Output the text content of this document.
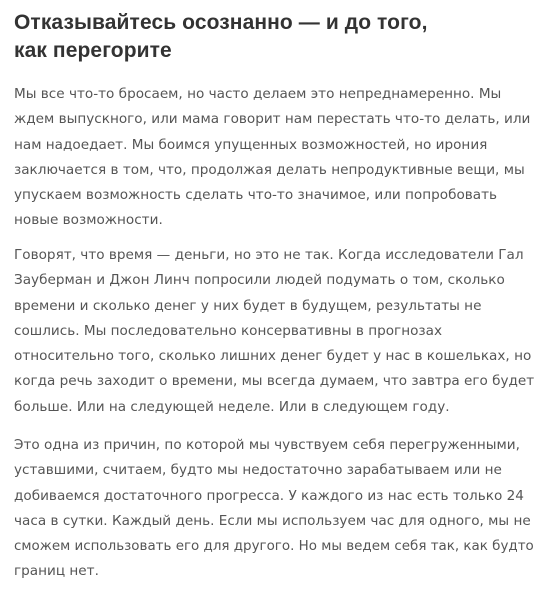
Отказывайтесь осознанно — и до того,
как перегорите

Мы все что-то бросаем, но часто делаем это непреднамеренно. Мы
ждем выпускного, или мама говорит нам перестать что-то делать, или
нам надоедает. Мы боимся упущенных возможностей, но ирония
заключается в том, что, продолжая делать непродуктивные вещи, мы
упускаем возможность сделать что-то значимое, или попробовать
новые возможности.

Говорят, что время — деньги, но это не так. Когда исследователи Гал
Зауберман и Джон Линч попросили людей подумать о том, сколько
времени и сколько денег у них будет в будущем, результаты не
сошлись. Мы последовательно консервативны в прогнозах
относительно того, сколько лишних денег будет у нас в кошельках, но
когда речь заходит о времени, мы всегда думаем, что завтра его будет
больше. Или на следующей неделе. Или в следующем году.

Это одна из причин, по которой мы чувствуем себя перегруженными,
уставшими, считаем, будто мы недостаточно зарабатываем или не
добиваемся достаточного прогресса. У каждого из нас есть только 24
часа в сутки. Каждый день. Если мы используем час для одного, мы не
сможем использовать его для другого. Но мы ведем себя так, как будто
границ нет.
